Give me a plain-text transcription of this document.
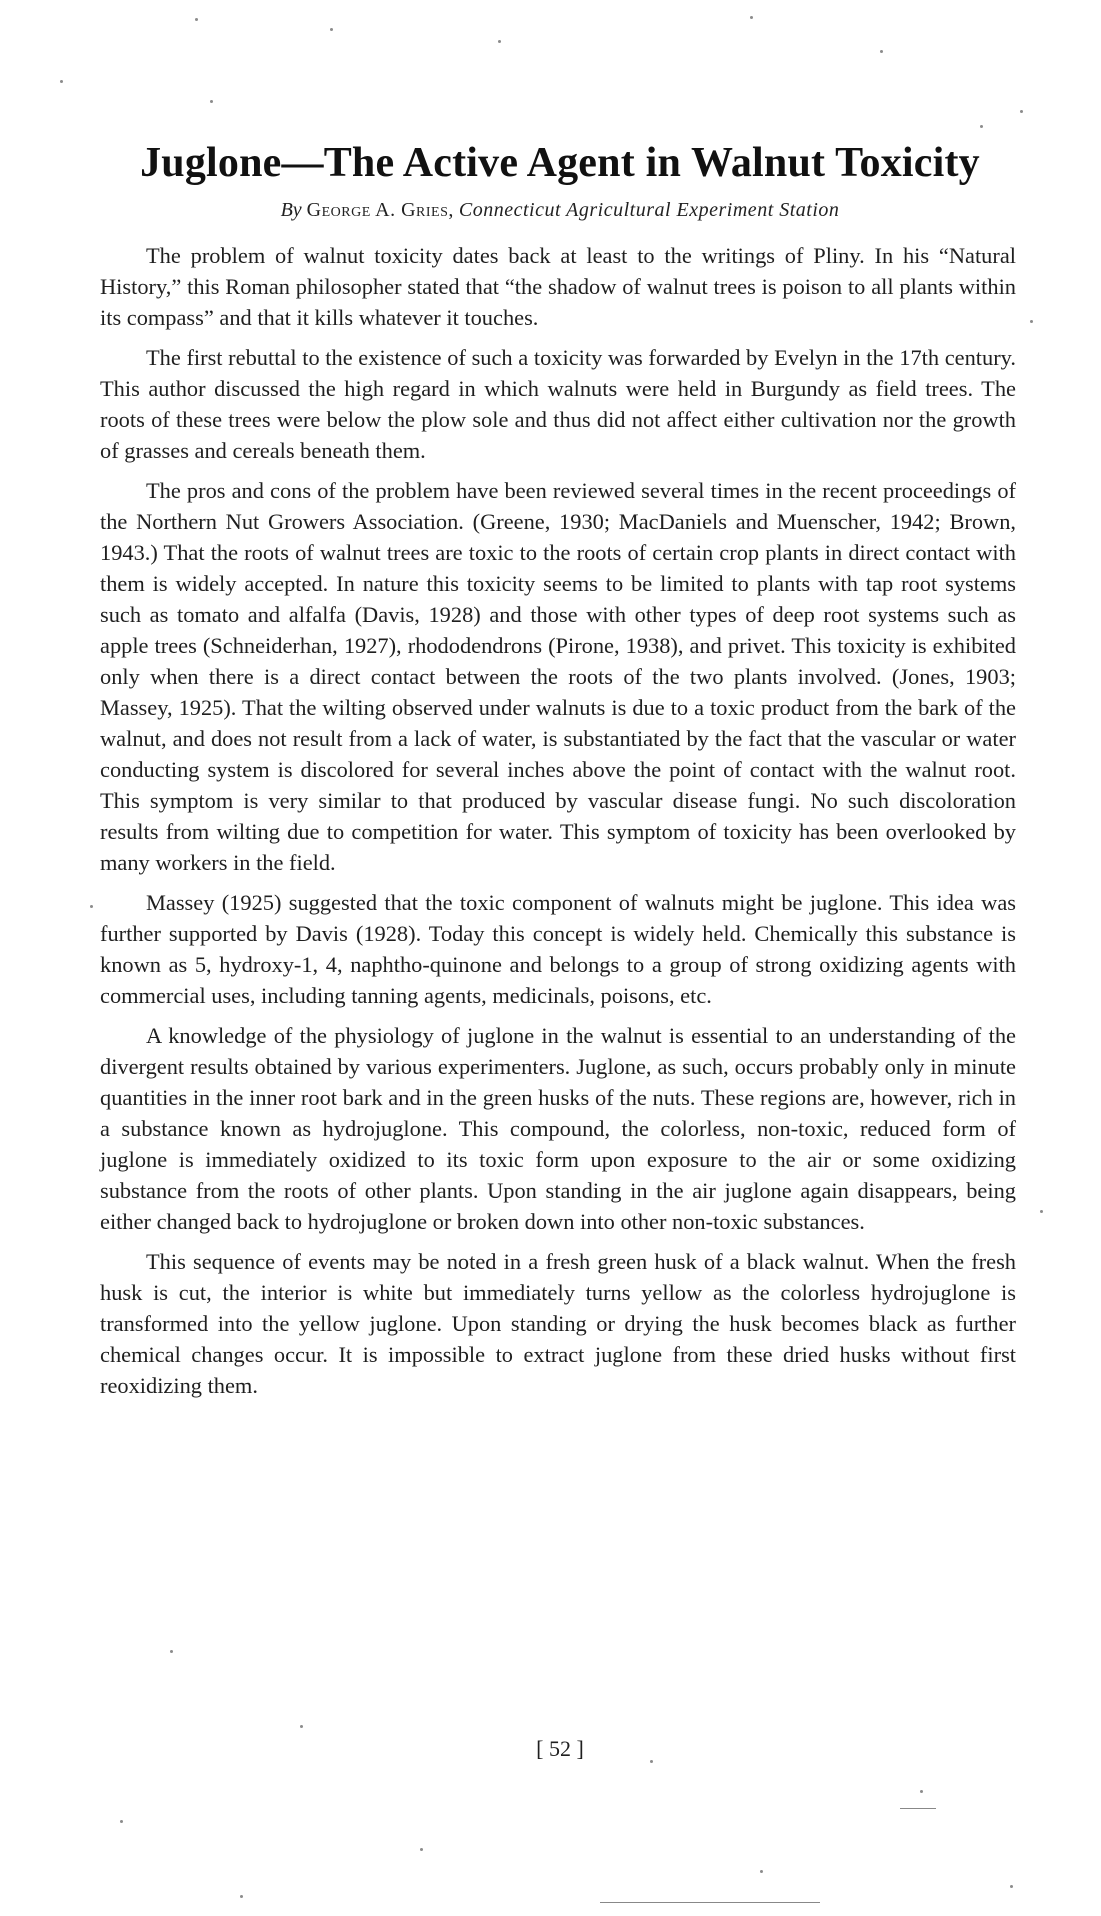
Juglone—The Active Agent in Walnut Toxicity
By George A. Gries, Connecticut Agricultural Experiment Station

The problem of walnut toxicity dates back at least to the writings of Pliny. In his “Natural History,” this Roman philosopher stated that “the shadow of walnut trees is poison to all plants within its compass” and that it kills whatever it touches.

The first rebuttal to the existence of such a toxicity was forwarded by Evelyn in the 17th century. This author discussed the high regard in which walnuts were held in Burgundy as field trees. The roots of these trees were below the plow sole and thus did not affect either cultivation nor the growth of grasses and cereals beneath them.

The pros and cons of the problem have been reviewed several times in the recent proceedings of the Northern Nut Growers Association. (Greene, 1930; MacDaniels and Muenscher, 1942; Brown, 1943.) That the roots of walnut trees are toxic to the roots of certain crop plants in direct contact with them is widely accepted. In nature this toxicity seems to be limited to plants with tap root systems such as tomato and alfalfa (Davis, 1928) and those with other types of deep root systems such as apple trees (Schneiderhan, 1927), rhododendrons (Pirone, 1938), and privet. This toxicity is exhibited only when there is a direct contact between the roots of the two plants involved. (Jones, 1903; Massey, 1925). That the wilting observed under walnuts is due to a toxic product from the bark of the walnut, and does not result from a lack of water, is substantiated by the fact that the vascular or water conducting system is discolored for several inches above the point of contact with the walnut root. This symptom is very similar to that produced by vascular disease fungi. No such discoloration results from wilting due to competition for water. This symptom of toxicity has been overlooked by many workers in the field.

Massey (1925) suggested that the toxic component of walnuts might be juglone. This idea was further supported by Davis (1928). Today this concept is widely held. Chemically this substance is known as 5, hydroxy-1, 4, naphtho-quinone and belongs to a group of strong oxidizing agents with commercial uses, including tanning agents, medicinals, poisons, etc.

A knowledge of the physiology of juglone in the walnut is essential to an understanding of the divergent results obtained by various experimenters. Juglone, as such, occurs probably only in minute quantities in the inner root bark and in the green husks of the nuts. These regions are, however, rich in a substance known as hydrojuglone. This compound, the colorless, non-toxic, reduced form of juglone is immediately oxidized to its toxic form upon exposure to the air or some oxidizing substance from the roots of other plants. Upon standing in the air juglone again disappears, being either changed back to hydrojuglone or broken down into other non-toxic substances.

This sequence of events may be noted in a fresh green husk of a black walnut. When the fresh husk is cut, the interior is white but immediately turns yellow as the colorless hydrojuglone is transformed into the yellow juglone. Upon standing or drying the husk becomes black as further chemical changes occur. It is impossible to extract juglone from these dried husks without first reoxidizing them.

[ 52 ]
